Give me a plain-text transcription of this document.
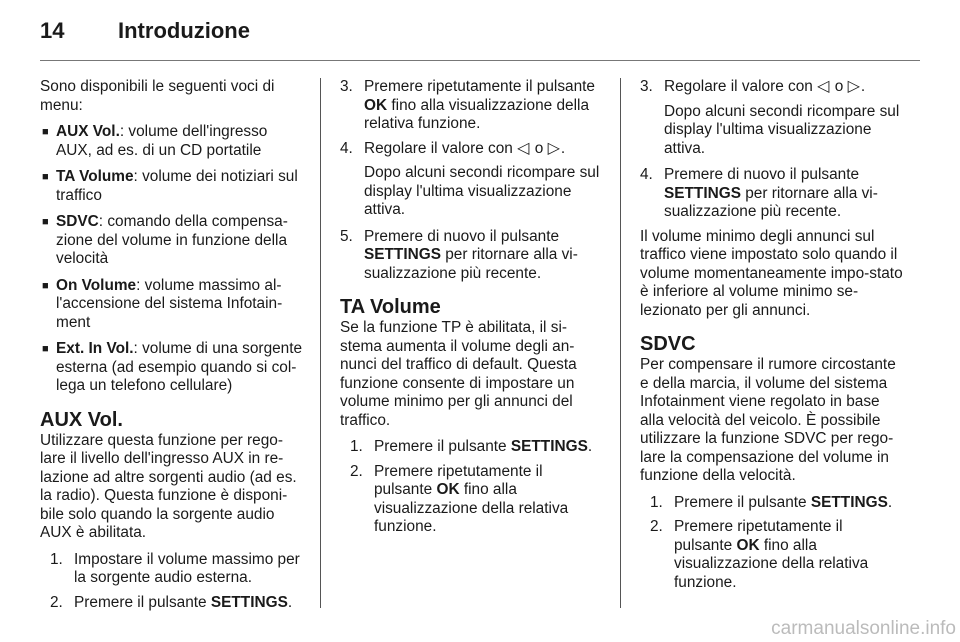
14 Introduzione

Sono disponibili le seguenti voci di menu:

■ AUX Vol.: volume dell'ingresso AUX, ad es. di un CD portatile
■ TA Volume: volume dei notiziari sul traffico
■ SDVC: comando della compensa-zione del volume in funzione della velocità
■ On Volume: volume massimo al-l'accensione del sistema Infotain-ment
■ Ext. In Vol.: volume di una sorgente esterna (ad esempio quando si col-lega un telefono cellulare)
AUX Vol.

Utilizzare questa funzione per rego-lare il livello dell'ingresso AUX in re-lazione ad altre sorgenti audio (ad es. la radio). Questa funzione è disponi-bile solo quando la sorgente audio AUX è abilitata.

1. Impostare il volume massimo per la sorgente audio esterna.
2. Premere il pulsante SETTINGS.
3. Premere ripetutamente il pulsante OK fino alla visualizzazione della relativa funzione.
4. Regolare il valore con ◁ o ▷.
Dopo alcuni secondi ricompare sul display l'ultima visualizzazione attiva.
5. Premere di nuovo il pulsante SETTINGS per ritornare alla vi-sualizzazione più recente.
TA Volume

Se la funzione TP è abilitata, il si-stema aumenta il volume degli an-nunci del traffico di default. Questa funzione consente di impostare un volume minimo per gli annunci del traffico.

1. Premere il pulsante SETTINGS.
2. Premere ripetutamente il pulsante OK fino alla visualizzazione della relativa funzione.
3. Regolare il valore con ◁ o ▷.
Dopo alcuni secondi ricompare sul display l'ultima visualizzazione attiva.
4. Premere di nuovo il pulsante SETTINGS per ritornare alla vi-sualizzazione più recente.

Il volume minimo degli annunci sul traffico viene impostato solo quando il volume momentaneamente impo-stato è inferiore al volume minimo se-lezionato per gli annunci.

SDVC

Per compensare il rumore circostante e della marcia, il volume del sistema Infotainment viene regolato in base alla velocità del veicolo. È possibile utilizzare la funzione SDVC per rego-lare la compensazione del volume in funzione della velocità.

1. Premere il pulsante SETTINGS.
2. Premere ripetutamente il pulsante OK fino alla visualizzazione della relativa funzione.
carmanualsonline.info
